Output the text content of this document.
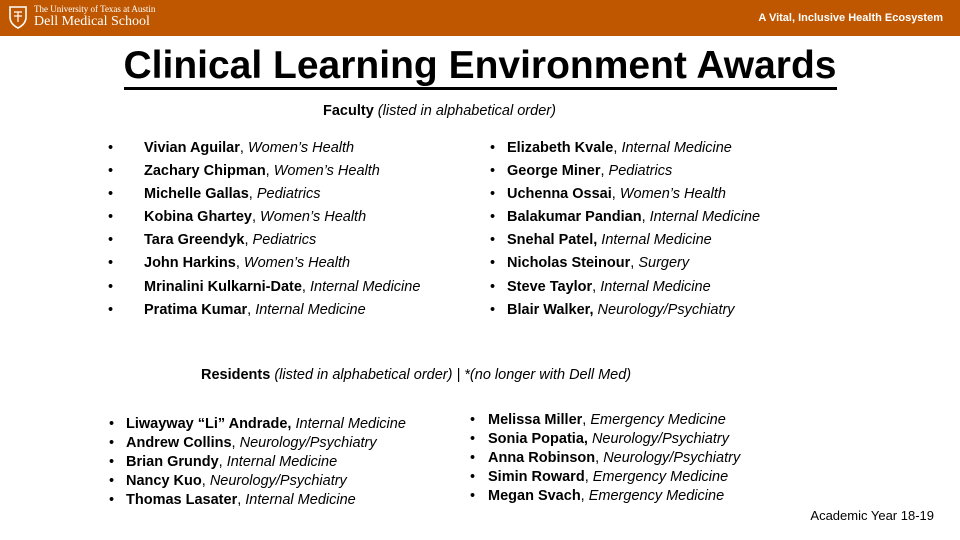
The University of Texas at Austin
Dell Medical School	A Vital, Inclusive Health Ecosystem
Clinical Learning Environment Awards
Faculty (listed in alphabetical order)
• Vivian Aguilar, Women’s Health
• Zachary Chipman, Women’s Health
• Michelle Gallas, Pediatrics
• Kobina Ghartey, Women’s Health
• Tara Greendyk, Pediatrics
• John Harkins, Women’s Health
• Mrinalini Kulkarni-Date, Internal Medicine
• Pratima Kumar, Internal Medicine
• Elizabeth Kvale, Internal Medicine
• George Miner, Pediatrics
• Uchenna Ossai, Women’s Health
• Balakumar Pandian, Internal Medicine
• Snehal Patel, Internal Medicine
• Nicholas Steinour, Surgery
• Steve Taylor, Internal Medicine
• Blair Walker, Neurology/Psychiatry
Residents (listed in alphabetical order) | *(no longer with Dell Med)
• Liwayway “Li” Andrade, Internal Medicine
• Andrew Collins, Neurology/Psychiatry
• Brian Grundy, Internal Medicine
• Nancy Kuo, Neurology/Psychiatry
• Thomas Lasater, Internal Medicine
• Melissa Miller, Emergency Medicine
• Sonia Popatia, Neurology/Psychiatry
• Anna Robinson, Neurology/Psychiatry
• Simin Roward, Emergency Medicine
• Megan Svach, Emergency Medicine
Academic Year 18-19
